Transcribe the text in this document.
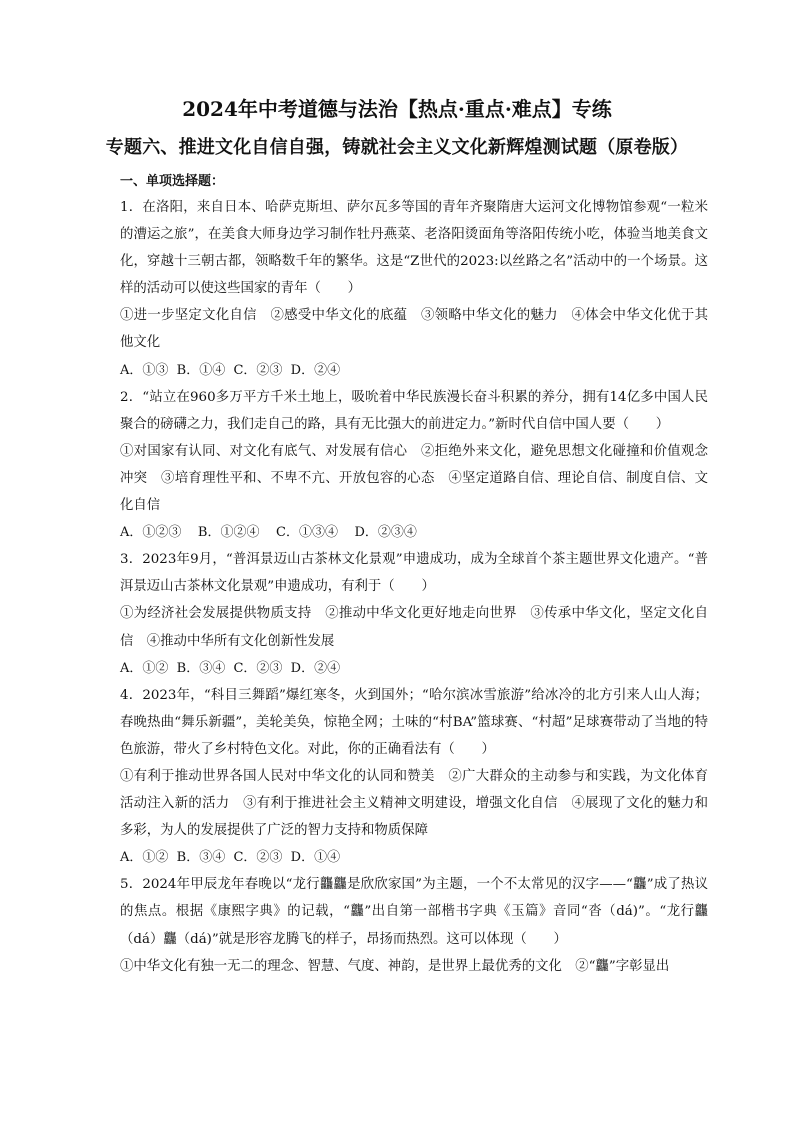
2024年中考道德与法治【热点·重点·难点】专练
专题六、推进文化自信自强，铸就社会主义文化新辉煌测试题（原卷版）
一、单项选择题：

1．在洛阳，来自日本、哈萨克斯坦、萨尔瓦多等国的青年齐聚隋唐大运河文化博物馆参观“一粒米的漕运之旅”，在美食大师身边学习制作牡丹燕菜、老洛阳烫面角等洛阳传统小吃，体验当地美食文化，穿越十三朝古都，领略数千年的繁华。这是“Z世代的2023:以丝路之名”活动中的一个场景。这样的活动可以使这些国家的青年（　　）

①进一步坚定文化自信　②感受中华文化的底蕴　③领略中华文化的魅力　④体会中华文化优于其他文化

A．①③  B．①④  C．②③  D．②④

2．“站立在960多万平方千米土地上，吸吮着中华民族漫长奋斗积累的养分，拥有14亿多中国人民聚合的磅礴之力，我们走自己的路，具有无比强大的前进定力。”新时代自信中国人要（　　）

①对国家有认同、对文化有底气、对发展有信心　②拒绝外来文化，避免思想文化碰撞和价值观念冲突　③培育理性平和、不卑不亢、开放包容的心态　④坚定道路自信、理论自信、制度自信、文化自信

A．①②③    B．①②④    C．①③④    D．②③④

3．2023年9月，“普洱景迈山古茶林文化景观”申遗成功，成为全球首个茶主题世界文化遗产。“普洱景迈山古茶林文化景观”申遗成功，有利于（　　）

①为经济社会发展提供物质支持　②推动中华文化更好地走向世界　③传承中华文化，坚定文化自信　④推动中华所有文化创新性发展

A．①②  B．③④  C．②③  D．②④

4．2023年，“科目三舞蹈”爆红寒冬，火到国外；“哈尔滨冰雪旅游”给冰冷的北方引来人山人海；春晚热曲“舞乐新疆”，美轮美奂，惊艳全网；土味的“村BA”篮球赛、“村超”足球赛带动了当地的特色旅游，带火了乡村特色文化。对此，你的正确看法有（　　）

①有利于推动世界各国人民对中华文化的认同和赞美　②广大群众的主动参与和实践，为文化体育活动注入新的活力　③有利于推进社会主义精神文明建设，增强文化自信　④展现了文化的魅力和多彩，为人的发展提供了广泛的智力支持和物质保障

A．①②  B．③④  C．②③  D．①④

5．2024年甲辰龙年春晚以“龙行龘龘是欣欣家国”为主题，一个不太常见的汉字——“龘”成了热议的焦点。根据《康熙字典》的记载，“龘”出自第一部楷书字典《玉篇》音同“沓（dá)”。“龙行龘（dá）龘（dá)”就是形容龙腾飞的样子，昂扬而热烈。这可以体现（　　）

①中华文化有独一无二的理念、智慧、气度、神韵，是世界上最优秀的文化　②“龘”字彰显出
